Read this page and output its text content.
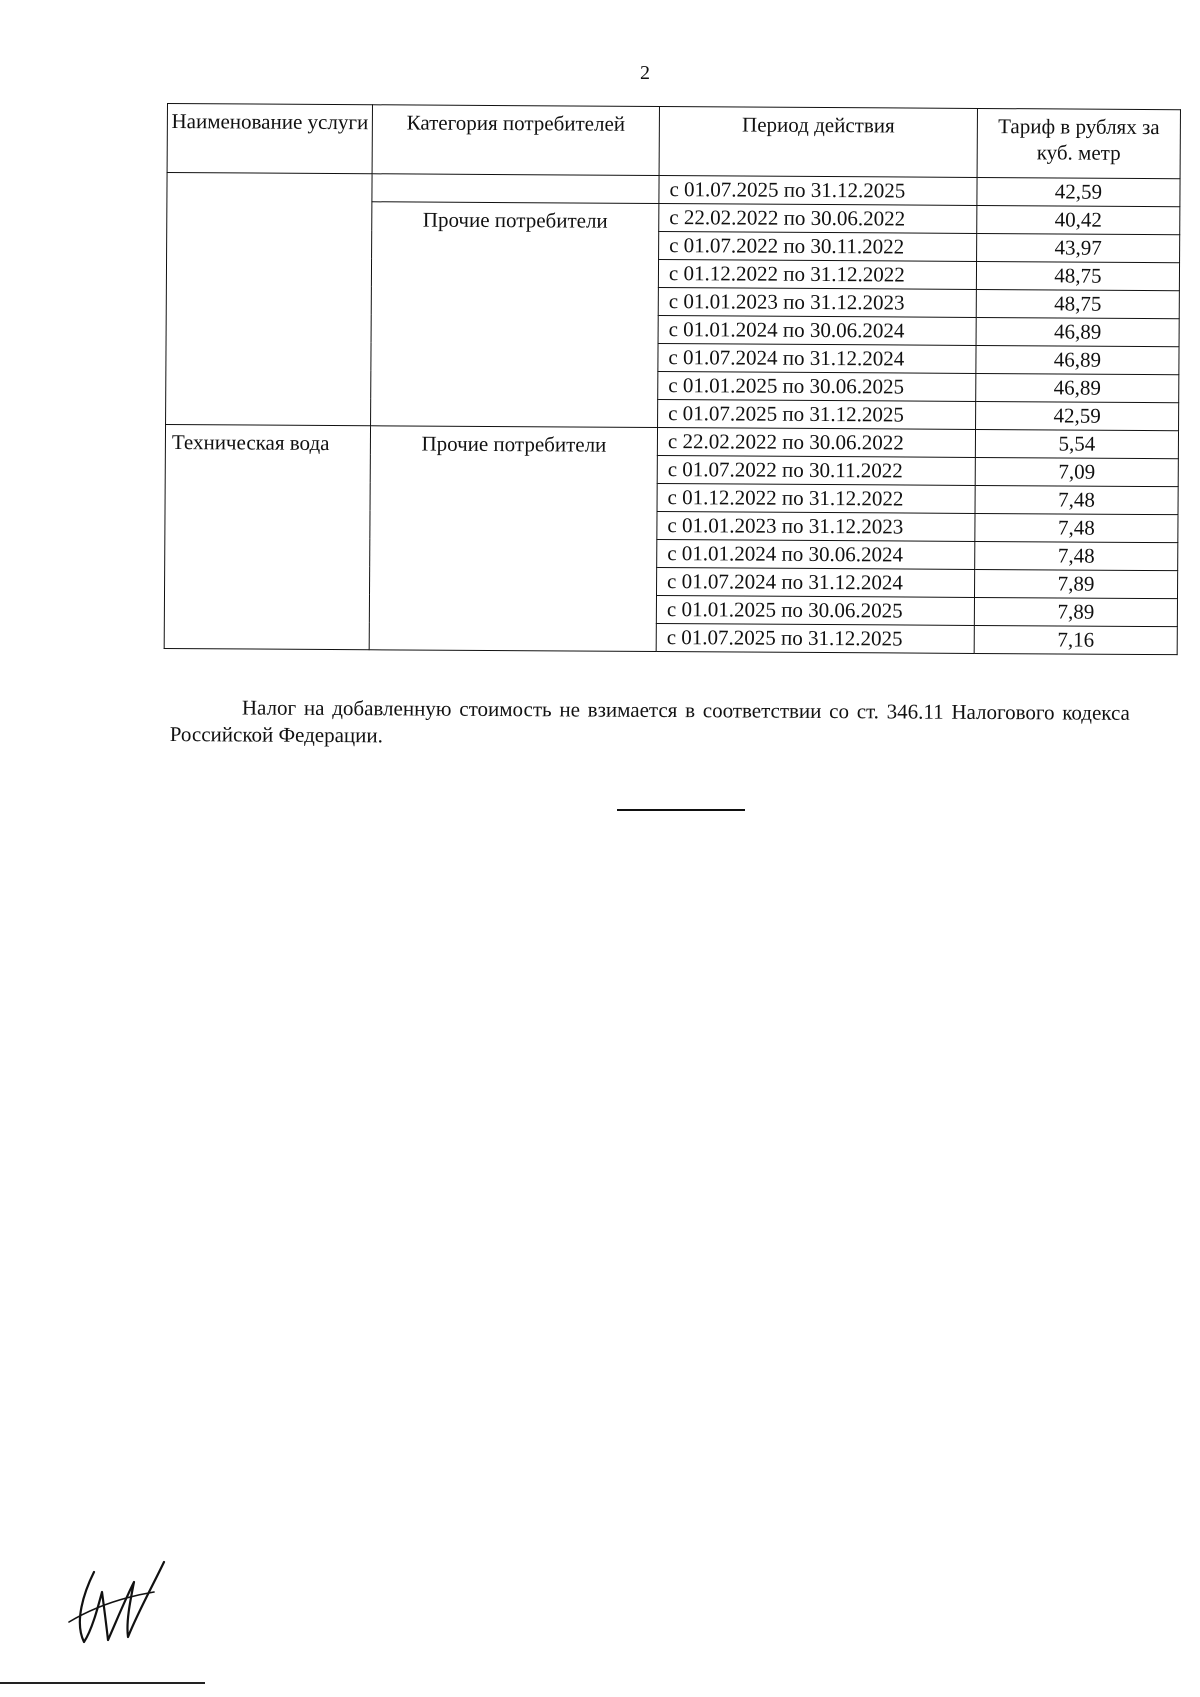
2
Наименование услуги	Категория потребителей	Период действия	Тариф в рублях за куб. метр
		с 01.07.2025 по 31.12.2025	42,59
	Прочие потребители	с 22.02.2022 по 30.06.2022	40,42
		с 01.07.2022 по 30.11.2022	43,97
		с 01.12.2022 по 31.12.2022	48,75
		с 01.01.2023 по 31.12.2023	48,75
		с 01.01.2024 по 30.06.2024	46,89
		с 01.07.2024 по 31.12.2024	46,89
		с 01.01.2025 по 30.06.2025	46,89
		с 01.07.2025 по 31.12.2025	42,59
Техническая вода	Прочие потребители	с 22.02.2022 по 30.06.2022	5,54
		с 01.07.2022 по 30.11.2022	7,09
		с 01.12.2022 по 31.12.2022	7,48
		с 01.01.2023 по 31.12.2023	7,48
		с 01.01.2024 по 30.06.2024	7,48
		с 01.07.2024 по 31.12.2024	7,89
		с 01.01.2025 по 30.06.2025	7,89
		с 01.07.2025 по 31.12.2025	7,16

Налог на добавленную стоимость не взимается в соответствии со ст. 346.11 Налогового кодекса Российской Федерации.
